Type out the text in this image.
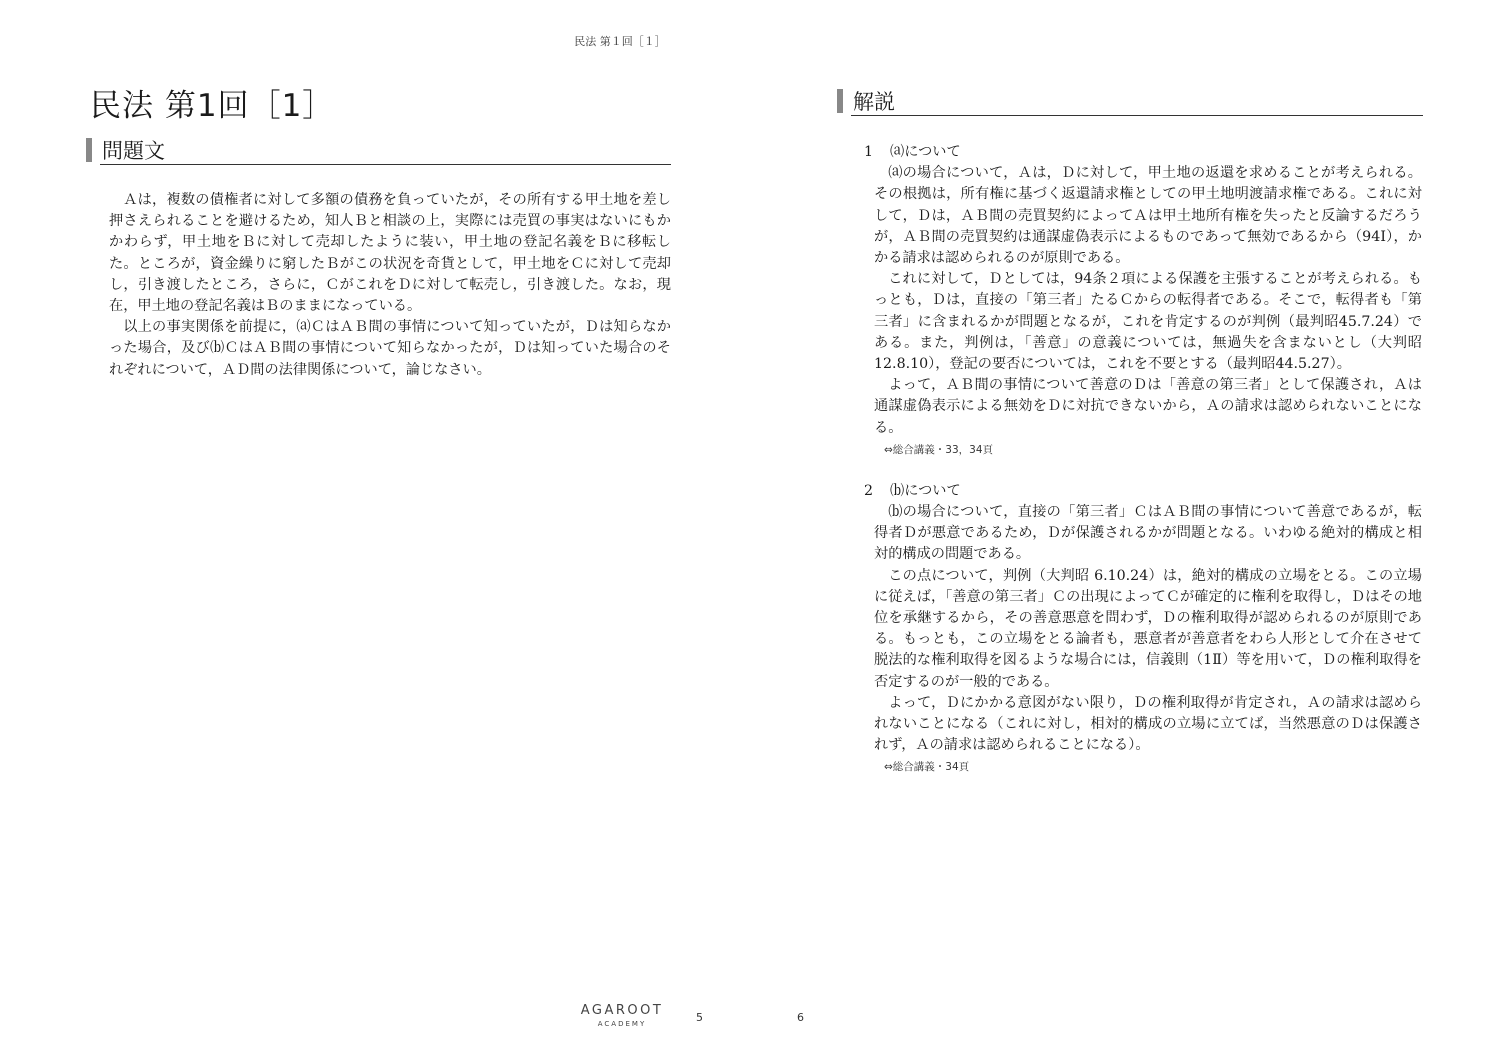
民法 第１回［１］
民法 第1回［1］
問題文

Ａは，複数の債権者に対して多額の債務を負っていたが，その所有する甲土地を差し押さえられることを避けるため，知人Ｂと相談の上，実際には売買の事実はないにもかかわらず，甲土地をＢに対して売却したように装い，甲土地の登記名義をＢに移転した。ところが，資金繰りに窮したＢがこの状況を奇貨として，甲土地をＣに対して売却し，引き渡したところ，さらに，ＣがこれをＤに対して転売し，引き渡した。なお，現在，甲土地の登記名義はＢのままになっている。

以上の事実関係を前提に，⒜ＣはＡＢ間の事情について知っていたが，Ｄは知らなかった場合，及び⒝ＣはＡＢ間の事情について知らなかったが，Ｄは知っていた場合のそれぞれについて，ＡＤ間の法律関係について，論じなさい。

解説

1	⒜について

⒜の場合について，Ａは，Ｄに対して，甲土地の返還を求めることが考えられる。その根拠は，所有権に基づく返還請求権としての甲土地明渡請求権である。これに対して，Ｄは，ＡＢ間の売買契約によってＡは甲土地所有権を失ったと反論するだろうが，ＡＢ間の売買契約は通謀虚偽表示によるものであって無効であるから（94Ⅰ），かかる請求は認められるのが原則である。

これに対して，Ｄとしては，94条２項による保護を主張することが考えられる。もっとも，Ｄは，直接の「第三者」たるＣからの転得者である。そこで，転得者も「第三者」に含まれるかが問題となるが，これを肯定するのが判例（最判昭45.7.24）である。また，判例は，「善意」の意義については，無過失を含まないとし（大判昭 12.8.10），登記の要否については，これを不要とする（最判昭44.5.27）。

よって，ＡＢ間の事情について善意のＤは「善意の第三者」として保護され，Ａは通謀虚偽表示による無効をＤに対抗できないから，Ａの請求は認められないことになる。

⇔総合講義・33，34頁

2	⒝について

⒝の場合について，直接の「第三者」ＣはＡＢ間の事情について善意であるが，転得者Ｄが悪意であるため，Ｄが保護されるかが問題となる。いわゆる絶対的構成と相対的構成の問題である。

この点について，判例（大判昭 6.10.24）は，絶対的構成の立場をとる。この立場に従えば，「善意の第三者」Ｃの出現によってＣが確定的に権利を取得し，Ｄはその地位を承継するから，その善意悪意を問わず，Ｄの権利取得が認められるのが原則である。もっとも，この立場をとる論者も，悪意者が善意者をわら人形として介在させて脱法的な権利取得を図るような場合には，信義則（1Ⅱ）等を用いて，Ｄの権利取得を否定するのが一般的である。

よって，Ｄにかかる意図がない限り，Ｄの権利取得が肯定され，Ａの請求は認められないことになる（これに対し，相対的構成の立場に立てば，当然悪意のＤは保護されず，Ａの請求は認められることになる）。

⇔総合講義・34頁

AGAROOT
ACADEMY	5	6
